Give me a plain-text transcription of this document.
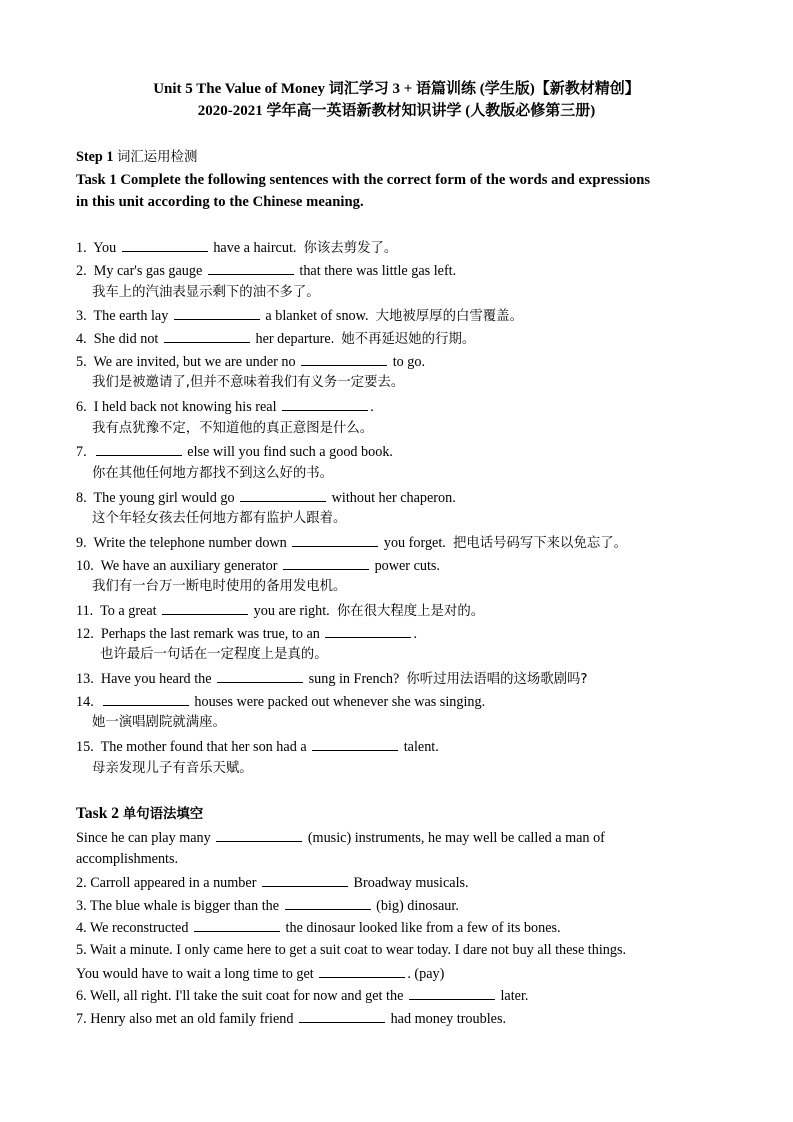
Unit 5 The Value of Money 词汇学习 3 + 语篇训练 (学生版)【新教材精创】
2020-2021 学年高一英语新教材知识讲学 (人教版必修第三册)
Step 1 词汇运用检测
Task 1 Complete the following sentences with the correct form of the words and expressions
in this unit according to the Chinese meaning.
1. You	have a haircut. 你该去剪发了。
2. My car's gas gauge	that there was little gas left.
我车上的汽油表显示剩下的油不多了。
3. The earth lay	a blanket of snow. 大地被厚厚的白雪覆盖。
4. She did not	her departure. 她不再延迟她的行期。
5. We are invited, but we are under no	to go.
我们是被邀请了,但并不意味着我们有义务一定要去。
6. I held back not knowing his real	.
我有点犹豫不定，不知道他的真正意图是什么。
7.	else will you find such a good book.
你在其他任何地方都找不到这么好的书。
8. The young girl would go	without her chaperon.
这个年轻女孩去任何地方都有监护人跟着。
9. Write the telephone number down	you forget. 把电话号码写下来以免忘了。
10. We have an auxiliary generator	power cuts.
我们有一台万一断电时使用的备用发电机。
11. To a great	you are right. 你在很大程度上是对的。
12. Perhaps the last remark was true, to an	.
也许最后一句话在一定程度上是真的。
13. Have you heard the	sung in French? 你听过用法语唱的这场歌剧吗?
14.	houses were packed out whenever she was singing.
她一演唱剧院就满座。
15. The mother found that her son had a	talent.
母亲发现儿子有音乐天赋。
Task 2 单句语法填空
Since he can play many	(music) instruments, he may well be called a man of
accomplishments.
2. Carroll appeared in a number	Broadway musicals.
3. The blue whale is bigger than the	(big) dinosaur.
4. We reconstructed	the dinosaur looked like from a few of its bones.
5. Wait a minute. I only came here to get a suit coat to wear today. I dare not buy all these things.
You would have to wait a long time to get	. (pay)
6. Well, all right. I'll take the suit coat for now and get the	later.
7. Henry also met an old family friend	had money troubles.
